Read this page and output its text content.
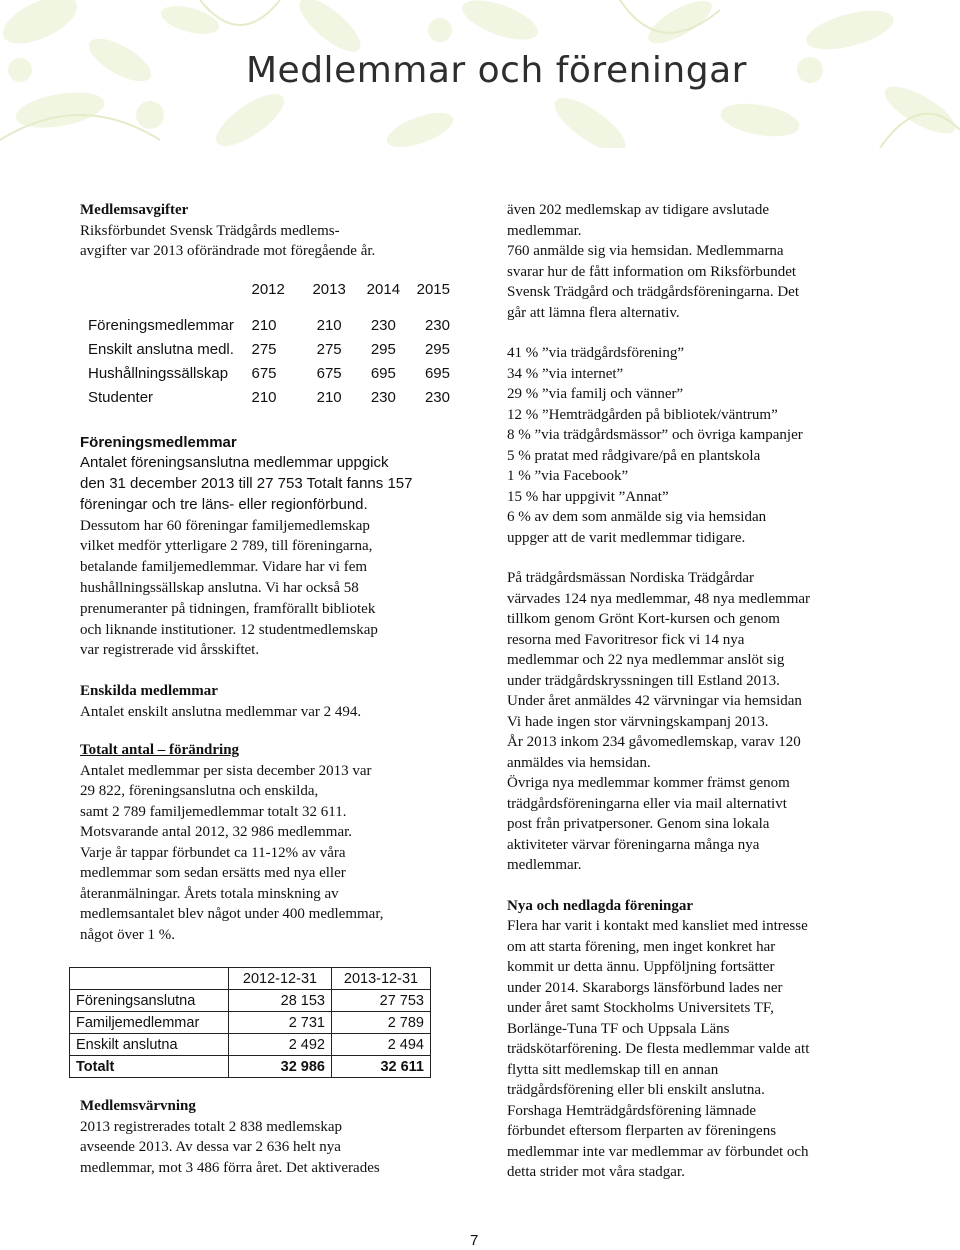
Medlemmar och föreningar
Medlemsavgifter
Riksförbundet Svensk Trädgårds medlems-
avgifter var 2013 oförändrade mot föregående år.
	2012	2013	2014	2015

Föreningsmedlemmar	210	210	230	230
Enskilt anslutna medl.	275	275	295	295
Hushållningssällskap	675	675	695	695
Studenter	210	210	230	230
Föreningsmedlemmar
Antalet föreningsanslutna medlemmar uppgick
den 31 december 2013 till 27 753 Totalt fanns 157
föreningar och tre läns- eller regionförbund.
Dessutom har 60 föreningar familjemedlemskap
vilket medför ytterligare 2 789, till föreningarna,
betalande familjemedlemmar. Vidare har vi fem
hushållningssällskap anslutna. Vi har också 58
prenumeranter på tidningen, framförallt bibliotek
och liknande institutioner. 12 studentmedlemskap
var registrerade vid årsskiftet.
Enskilda medlemmar
Antalet enskilt anslutna medlemmar var 2 494.
Totalt antal – förändring
Antalet medlemmar per sista december 2013 var
29 822, föreningsanslutna och enskilda,
samt 2 789 familjemedlemmar totalt 32 611.
Motsvarande antal 2012, 32 986 medlemmar.
Varje år tappar förbundet ca 11-12% av våra
medlemmar som sedan ersätts med nya eller
återanmälningar. Årets totala minskning av
medlemsantalet blev något under 400 medlemmar,
något över 1 %.
	2012-12-31	2013-12-31
Föreningsanslutna	28 153	27 753
Familjemedlemmar	2 731	2 789
Enskilt anslutna	2 492	2 494
Totalt	32 986	32 611
Medlemsvärvning
2013 registrerades totalt 2 838 medlemskap
avseende 2013. Av dessa var 2 636 helt nya
medlemmar, mot 3 486 förra året. Det aktiverades
även 202 medlemskap av tidigare avslutade
medlemmar.
760 anmälde sig via hemsidan. Medlemmarna
svarar hur de fått information om Riksförbundet
Svensk Trädgård och trädgårdsföreningarna. Det
går att lämna flera alternativ.
41 % ”via trädgårdsförening”
34 % ”via internet”
29 % ”via familj och vänner”
12 % ”Hemträdgården på bibliotek/väntrum”
8 % ”via trädgårdsmässor” och övriga kampanjer
5 % pratat med rådgivare/på en plantskola
1 % ”via Facebook”
15 % har uppgivit ”Annat”
6 % av dem som anmälde sig via hemsidan
uppger att de varit medlemmar tidigare.
På trädgårdsmässan Nordiska Trädgårdar
värvades 124 nya medlemmar, 48 nya medlemmar
tillkom genom Grönt Kort-kursen och genom
resorna med Favoritresor fick vi 14 nya
medlemmar och 22 nya medlemmar anslöt sig
under trädgårdskryssningen till Estland 2013.
Under året anmäldes 42 värvningar via hemsidan
Vi hade ingen stor värvningskampanj 2013.
År 2013 inkom 234 gåvomedlemskap, varav 120
anmäldes via hemsidan.
Övriga nya medlemmar kommer främst genom
trädgårdsföreningarna eller via mail alternativt
post från privatpersoner. Genom sina lokala
aktiviteter värvar föreningarna många nya
medlemmar.
Nya och nedlagda föreningar
Flera har varit i kontakt med kansliet med intresse
om att starta förening, men inget konkret har
kommit ur detta ännu. Uppföljning fortsätter
under 2014. Skaraborgs länsförbund lades ner
under året samt Stockholms Universitets TF,
Borlänge-Tuna TF och Uppsala Läns
trädskötarförening. De flesta medlemmar valde att
flytta sitt medlemskap till en annan
trädgårdsförening eller bli enskilt anslutna.
Forshaga Hemträdgårdsförening lämnade
förbundet eftersom flerparten av föreningens
medlemmar inte var medlemmar av förbundet och
detta strider mot våra stadgar.
7
